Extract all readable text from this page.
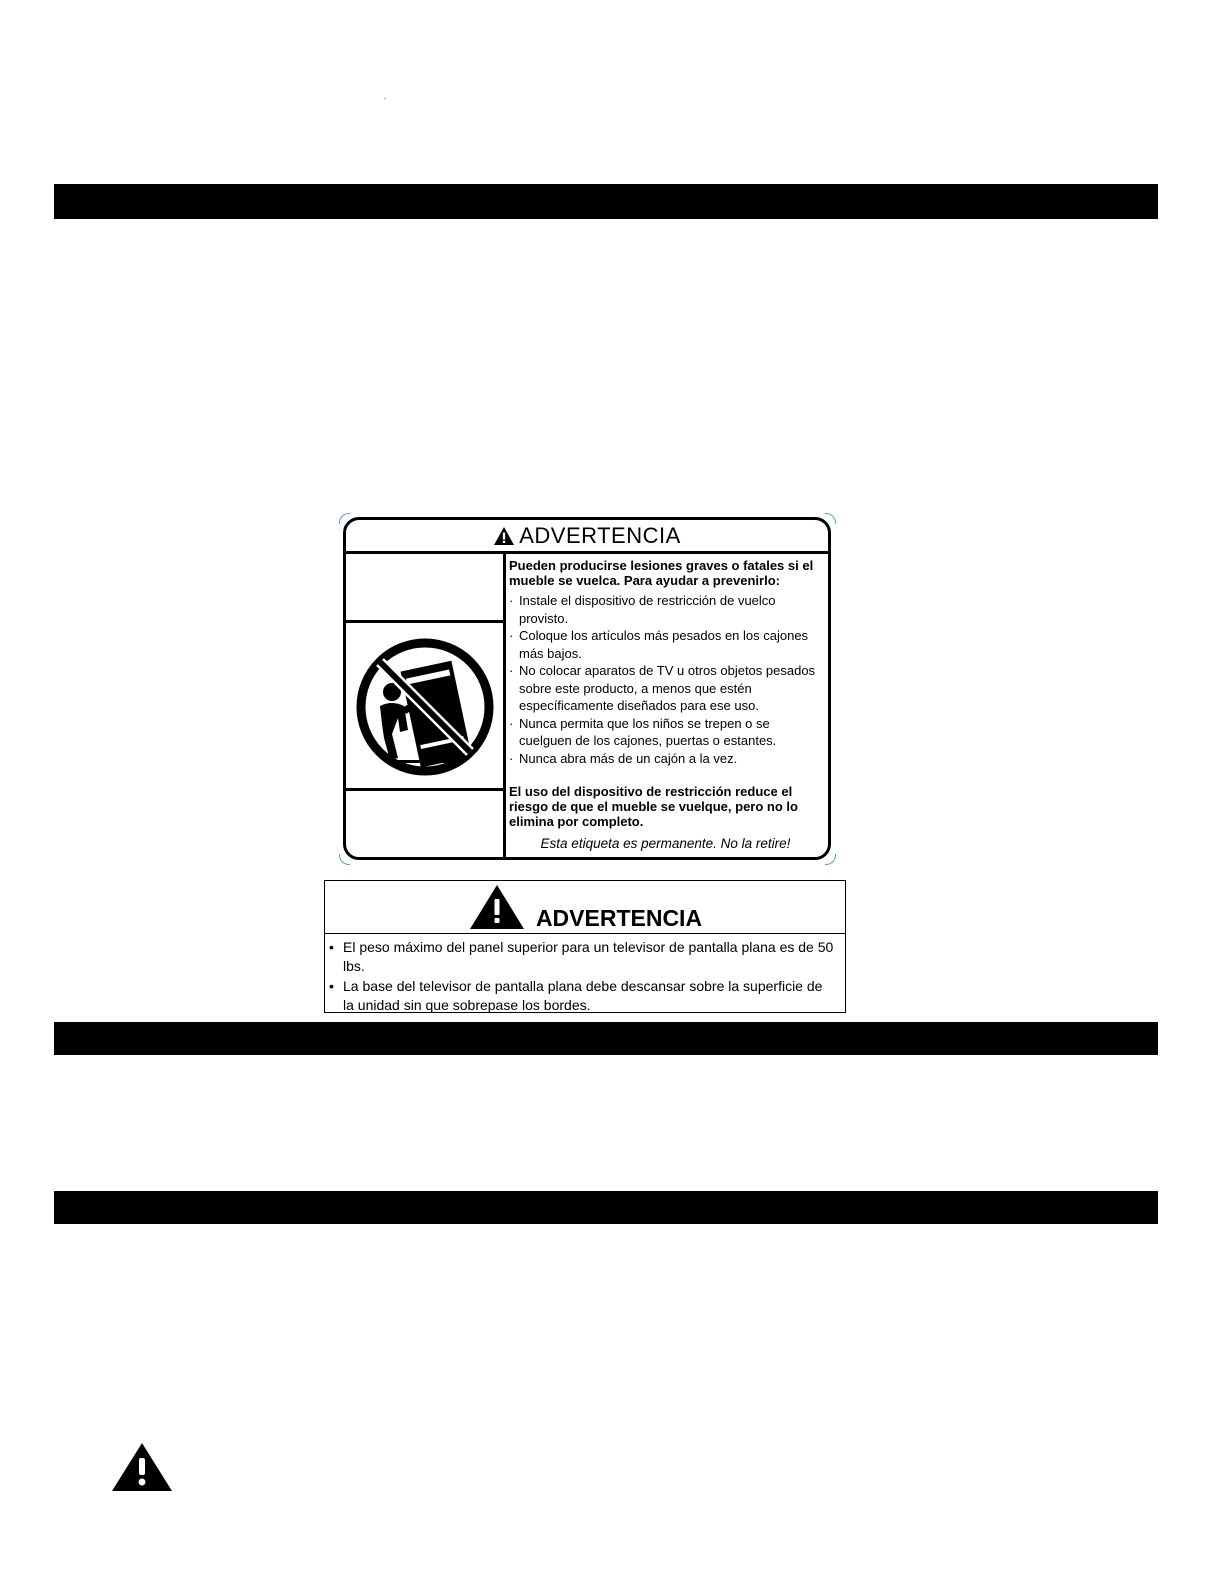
ADVERTENCIA
Pueden producirse lesiones graves o fatales si el mueble se vuelca. Para ayudar a prevenirlo:
· Instale el dispositivo de restricción de vuelco provisto.
· Coloque los artículos más pesados en los cajones más bajos.
· No colocar aparatos de TV u otros objetos pesados sobre este producto, a menos que estén específicamente diseñados para ese uso.
· Nunca permita que los niños se trepen o se cuelguen de los cajones, puertas o estantes.
· Nunca abra más de un cajón a la vez.
El uso del dispositivo de restricción reduce el riesgo de que el mueble se vuelque, pero no lo elimina por completo.
Esta etiqueta es permanente. No la retire!
ADVERTENCIA
• El peso máximo del panel superior para un televisor de pantalla plana es de 50 lbs.
• La base del televisor de pantalla plana debe descansar sobre la superficie de la unidad sin que sobrepase los bordes.
